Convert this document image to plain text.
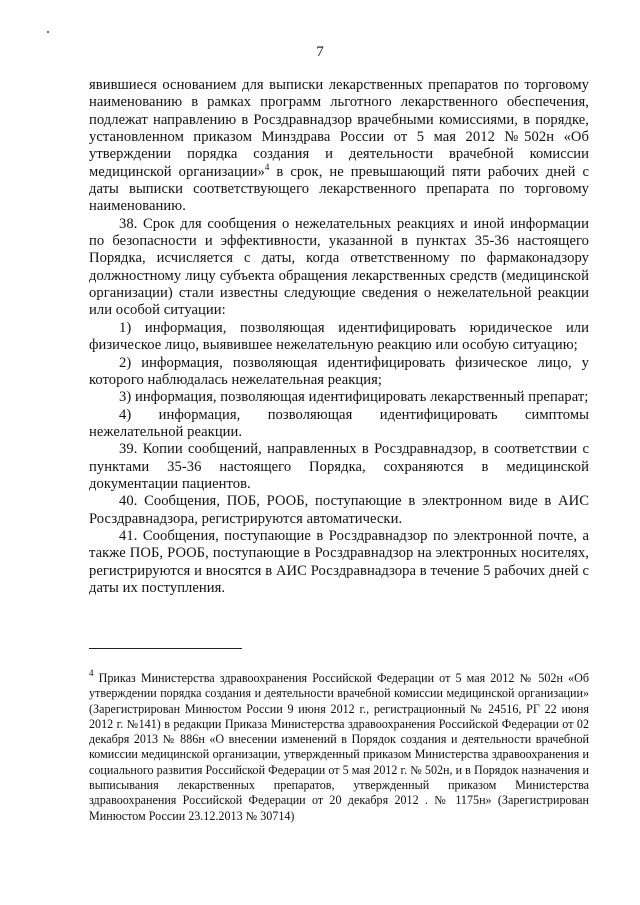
7

явившиеся основанием для выписки лекарственных препаратов по торговому наименованию в рамках программ льготного лекарственного обеспечения, подлежат направлению в Росздравнадзор врачебными комиссиями, в порядке, установленном приказом Минздрава России от 5 мая 2012 №502н «Об утверждении порядка создания и деятельности врачебной комиссии медицинской организации»$^4$ в срок, не превышающий пяти рабочих дней с даты выписки соответствующего лекарственного препарата по торговому наименованию.

38. Срок для сообщения о нежелательных реакциях и иной информации по безопасности и эффективности, указанной в пунктах 35-36 настоящего Порядка, исчисляется с даты, когда ответственному по фармаконадзору должностному лицу субъекта обращения лекарственных средств (медицинской организации) стали известны следующие сведения о нежелательной реакции или особой ситуации:

1) информация, позволяющая идентифицировать юридическое или физическое лицо, выявившее нежелательную реакцию или особую ситуацию;

2) информация, позволяющая идентифицировать физическое лицо, у которого наблюдалась нежелательная реакция;

3) информация, позволяющая идентифицировать лекарственный препарат;

4) информация, позволяющая идентифицировать симптомы нежелательной реакции.

39. Копии сообщений, направленных в Росздравнадзор, в соответствии с пунктами 35-36 настоящего Порядка, сохраняются в медицинской документации пациентов.

40. Сообщения, ПОБ, РООБ, поступающие в электронном виде в АИС Росздравнадзора, регистрируются автоматически.

41. Сообщения, поступающие в Росздравнадзор по электронной почте, а также ПОБ, РООБ, поступающие в Росздравнадзор на электронных носителях, регистрируются и вносятся в АИС Росздравнадзора в течение 5 рабочих дней с даты их поступления.

$^4$ Приказ Министерства здравоохранения Российской Федерации от 5 мая 2012 № 502н «Об утверждении порядка создания и деятельности врачебной комиссии медицинской организации» (Зарегистрирован Минюстом России 9 июня 2012 г., регистрационный № 24516, РГ 22 июня 2012 г. №141) в редакции Приказа Министерства здравоохранения Российской Федерации от 02 декабря 2013 № 886н «О внесении изменений в Порядок создания и деятельности врачебной комиссии медицинской организации, утвержденный приказом Министерства здравоохранения и социального развития Российской Федерации от 5 мая 2012 г. № 502н, и в Порядок назначения и выписывания лекарственных препаратов, утвержденный приказом Министерства здравоохранения Российской Федерации от 20 декабря 2012 . № 1175н» (Зарегистрирован Минюстом России 23.12.2013 № 30714)
